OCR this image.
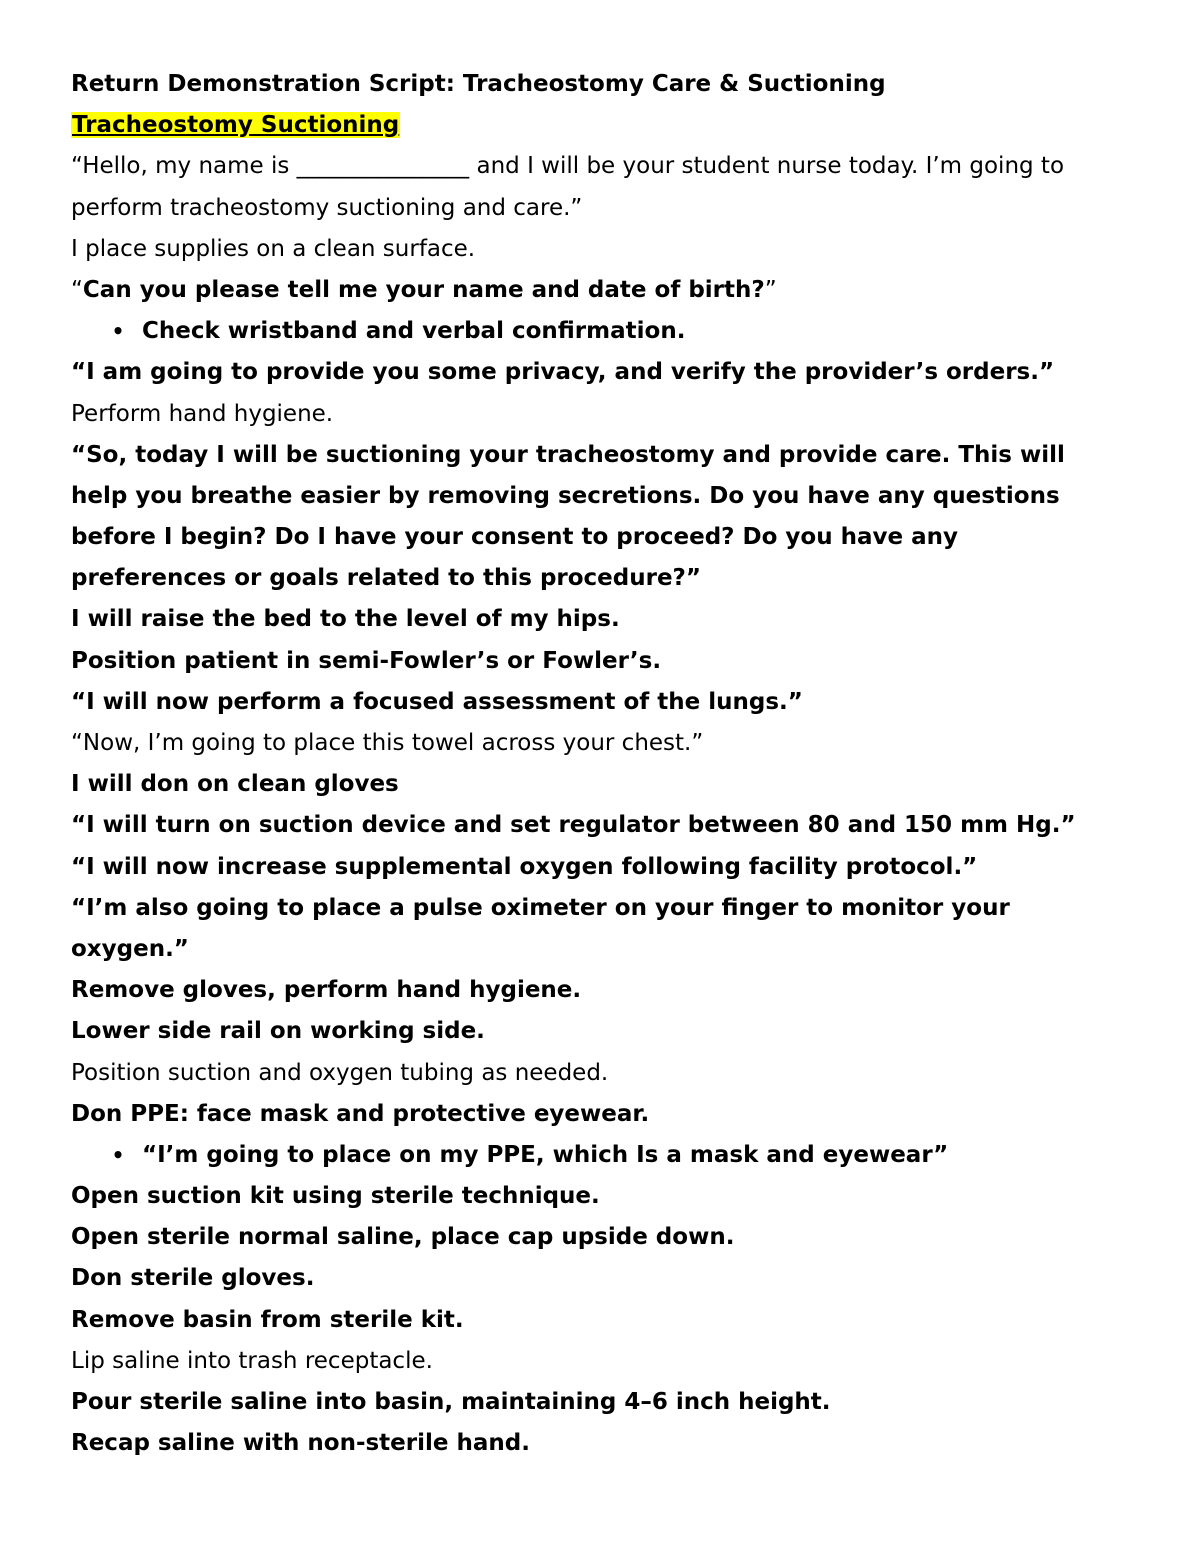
Return Demonstration Script: Tracheostomy Care & Suctioning
Tracheostomy Suctioning
“Hello, my name is _______________ and I will be your student nurse today. I’m going to
perform tracheostomy suctioning and care.”
I place supplies on a clean surface.
“Can you please tell me your name and date of birth?”
• Check wristband and verbal confirmation.
“I am going to provide you some privacy, and verify the provider’s orders.”
Perform hand hygiene.
“So, today I will be suctioning your tracheostomy and provide care. This will
help you breathe easier by removing secretions. Do you have any questions
before I begin? Do I have your consent to proceed? Do you have any
preferences or goals related to this procedure?”
I will raise the bed to the level of my hips.
Position patient in semi-Fowler’s or Fowler’s.
“I will now perform a focused assessment of the lungs.”
“Now, I’m going to place this towel across your chest.”
I will don on clean gloves
“I will turn on suction device and set regulator between 80 and 150 mm Hg.”
“I will now increase supplemental oxygen following facility protocol.”
“I’m also going to place a pulse oximeter on your finger to monitor your
oxygen.”
Remove gloves, perform hand hygiene.
Lower side rail on working side.
Position suction and oxygen tubing as needed.
Don PPE: face mask and protective eyewear.
• “I’m going to place on my PPE, which Is a mask and eyewear”
Open suction kit using sterile technique.
Open sterile normal saline, place cap upside down.
Don sterile gloves.
Remove basin from sterile kit.
Lip saline into trash receptacle.
Pour sterile saline into basin, maintaining 4–6 inch height.
Recap saline with non-sterile hand.
